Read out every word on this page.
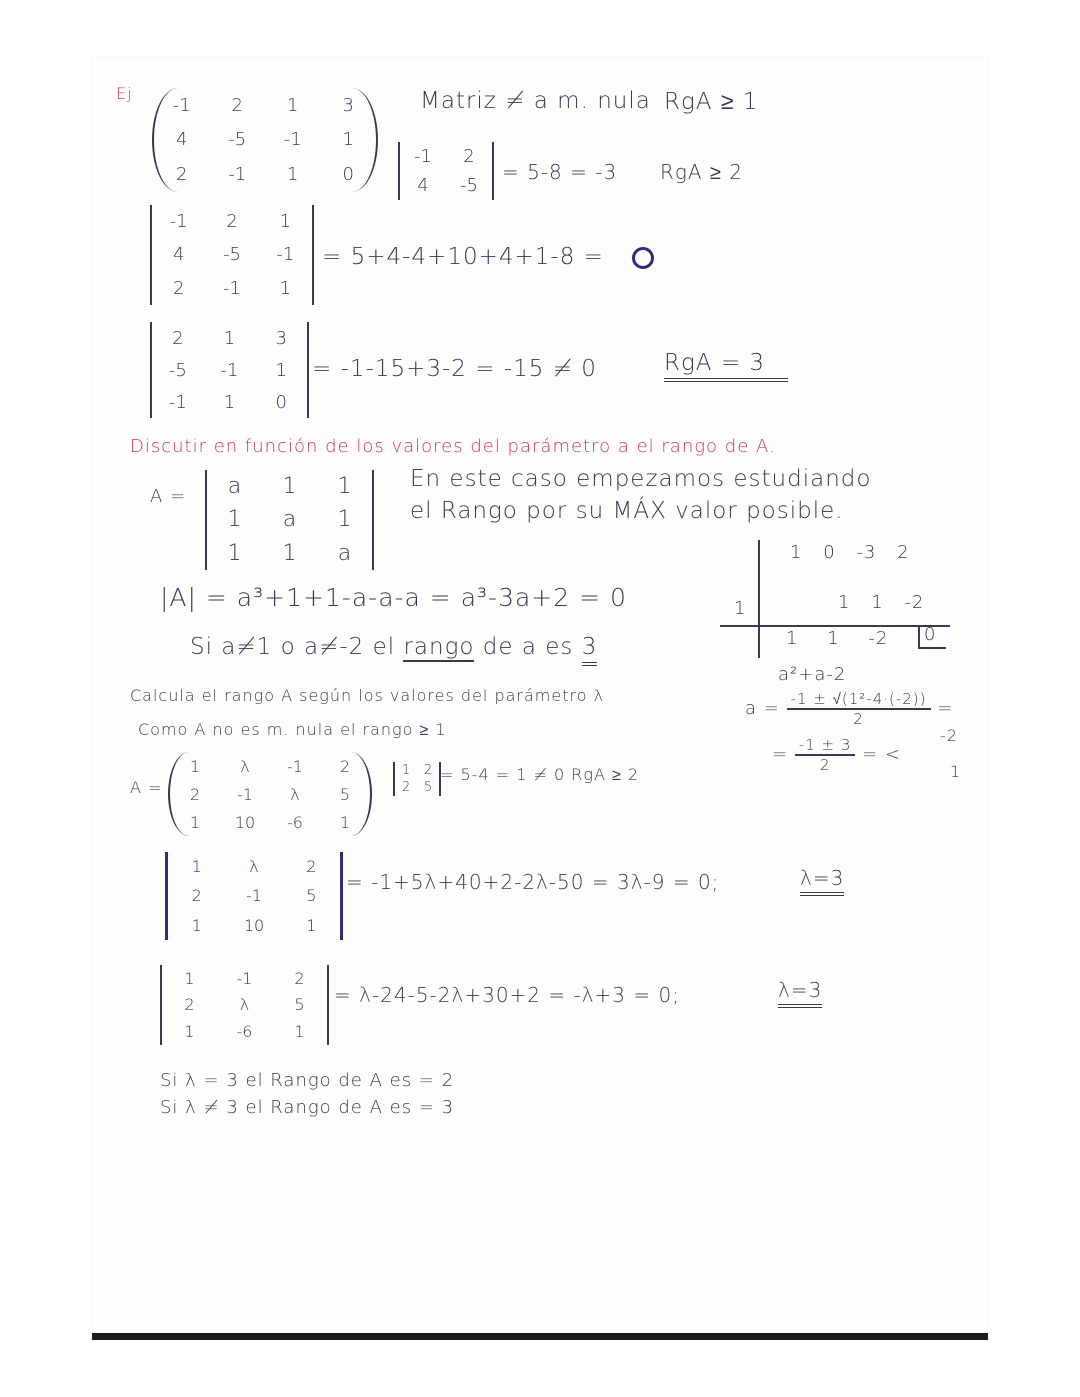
Ej
-1 2 1 3
4 -5 -1 1
2 -1 1 0
Matriz ≠ a m. nula RgA ≥ 1
-1 2
4 -5
= 5-8 = -3 RgA ≥ 2
-1 2 1
4 -5 -1
2 -1 1
= 5+4-4+10+4+1-8 =
2 1 3
-5 -1 1
-1 1 0
= -1-15+3-2 = -15 ≠ 0	RgA = 3
Discutir en función de los valores del parámetro a el rango de A.
A = a 1 1
1 a 1
1 1 a
En este caso empezamos estudiando
el Rango por su MÁX valor posible.
|A| = a³+1+1-a-a-a = a³-3a+2 = 0
Si a≠1 o a≠-2 el rango de a es 3
1 0 -3 2
1	1 1 -2
1 1 -2 0
a²+a-2
$a = \frac{\text{-1 ± √(1²-4·(-2))}}{2}$ =
= $\frac{-1 \pm 3}{2}$ = <
-2
1
Calcula el rango A según los valores del parámetro λ
Como A no es m. nula el rango ≥ 1
A =
1	λ -1 2
2 -1 λ	5
1 10 -6 1
1 2
2 5
= 5-4 = 1 ≠ 0 RgA ≥ 2
1	λ	2
2	-1	5
1	10	1
= -1+5λ+40+2-2λ-50 = 3λ-9 = 0;	λ=3
1	-1	2
2	λ	5
1	-6	1
= λ-24-5-2λ+30+2 = -λ+3 = 0;	λ=3
Si λ = 3 el Rango de A es = 2
Si λ ≠ 3 el Rango de A es = 3
